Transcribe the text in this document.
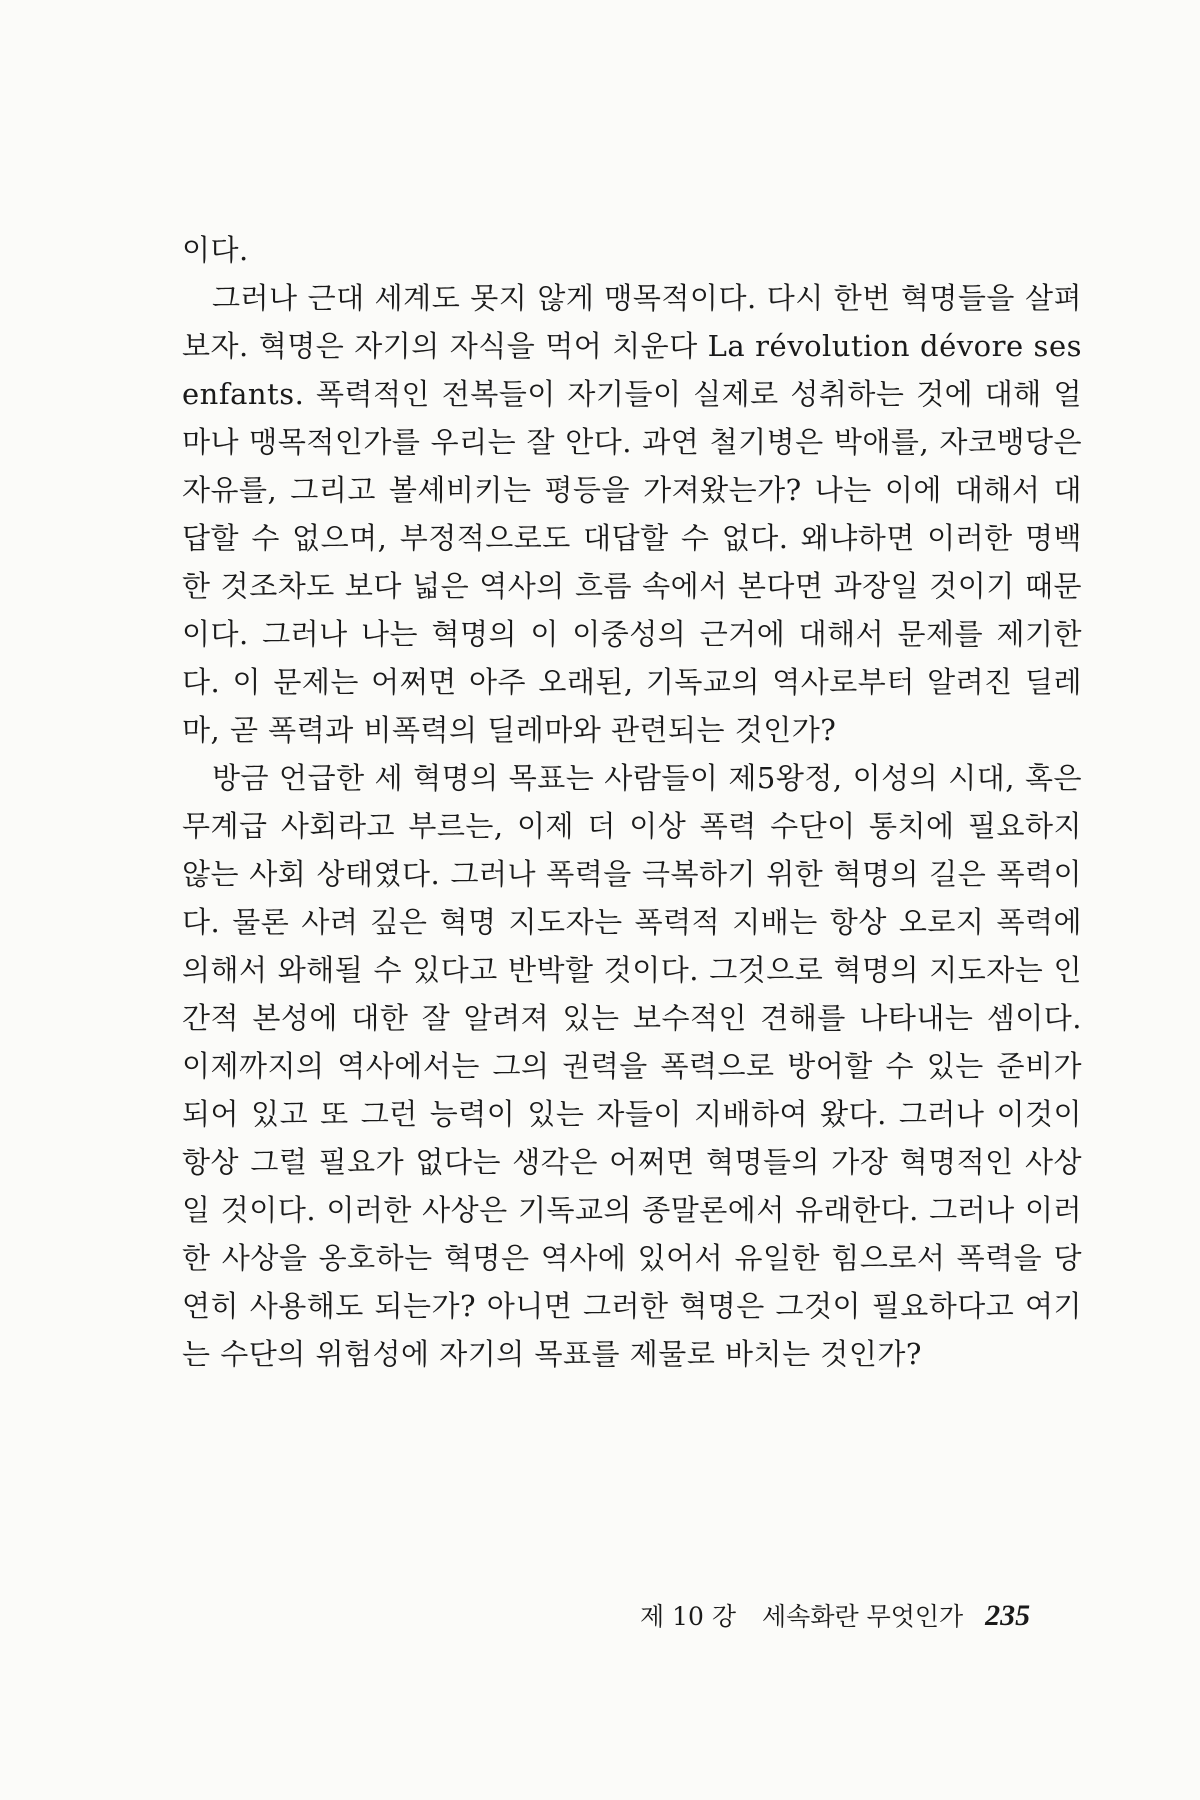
이다.

그러나 근대 세계도 못지 않게 맹목적이다. 다시 한번 혁명들을 살펴보자. 혁명은 자기의 자식을 먹어 치운다 La révolution dévore ses enfants. 폭력적인 전복들이 자기들이 실제로 성취하는 것에 대해 얼마나 맹목적인가를 우리는 잘 안다. 과연 철기병은 박애를, 자코뱅당은 자유를, 그리고 볼셰비키는 평등을 가져왔는가? 나는 이에 대해서 대답할 수 없으며, 부정적으로도 대답할 수 없다. 왜냐하면 이러한 명백한 것조차도 보다 넓은 역사의 흐름 속에서 본다면 과장일 것이기 때문이다. 그러나 나는 혁명의 이 이중성의 근거에 대해서 문제를 제기한다. 이 문제는 어쩌면 아주 오래된, 기독교의 역사로부터 알려진 딜레마, 곧 폭력과 비폭력의 딜레마와 관련되는 것인가?

방금 언급한 세 혁명의 목표는 사람들이 제5왕정, 이성의 시대, 혹은 무계급 사회라고 부르는, 이제 더 이상 폭력 수단이 통치에 필요하지 않는 사회 상태였다. 그러나 폭력을 극복하기 위한 혁명의 길은 폭력이다. 물론 사려 깊은 혁명 지도자는 폭력적 지배는 항상 오로지 폭력에 의해서 와해될 수 있다고 반박할 것이다. 그것으로 혁명의 지도자는 인간적 본성에 대한 잘 알려져 있는 보수적인 견해를 나타내는 셈이다. 이제까지의 역사에서는 그의 권력을 폭력으로 방어할 수 있는 준비가 되어 있고 또 그런 능력이 있는 자들이 지배하여 왔다. 그러나 이것이 항상 그럴 필요가 없다는 생각은 어쩌면 혁명들의 가장 혁명적인 사상일 것이다. 이러한 사상은 기독교의 종말론에서 유래한다. 그러나 이러한 사상을 옹호하는 혁명은 역사에 있어서 유일한 힘으로서 폭력을 당연히 사용해도 되는가? 아니면 그러한 혁명은 그것이 필요하다고 여기는 수단의 위험성에 자기의 목표를 제물로 바치는 것인가?

제 10 강 세속화란 무엇인가 235
